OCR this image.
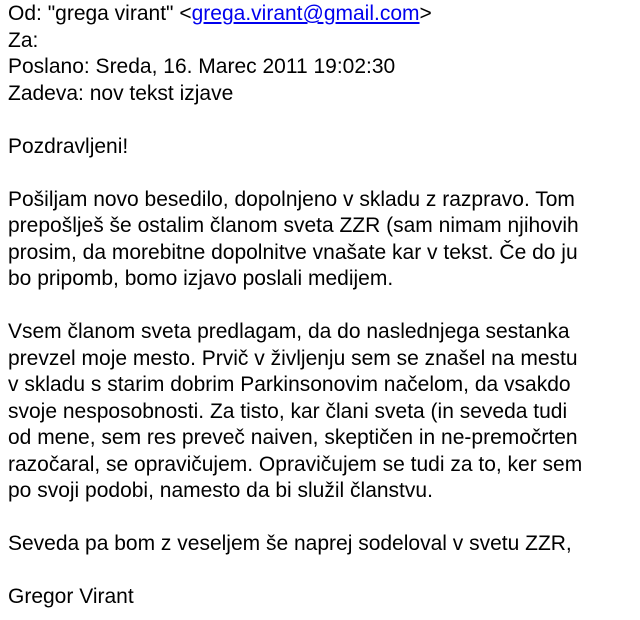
Od: "grega virant" <grega.virant@gmail.com>
Za:
Poslano: Sreda, 16. Marec 2011 19:02:30
Zadeva: nov tekst izjave
Pozdravljeni!
Pošiljam novo besedilo, dopolnjeno v skladu z razpravo. Tom
prepošlješ še ostalim članom sveta ZZR (sam nimam njihovih
prosim, da morebitne dopolnitve vnašate kar v tekst. Če do ju
bo pripomb, bomo izjavo poslali medijem.
Vsem članom sveta predlagam, da do naslednjega sestanka
prevzel moje mesto. Prvič v življenju sem se znašel na mestu
v skladu s starim dobrim Parkinsonovim načelom, da vsakdo
svoje nesposobnosti. Za tisto, kar člani sveta (in seveda tudi
od mene, sem res preveč naiven, skeptičen in ne-premočrten
razočaral, se opravičujem. Opravičujem se tudi za to, ker sem
po svoji podobi, namesto da bi služil članstvu.
Seveda pa bom z veseljem še naprej sodeloval v svetu ZZR,
Gregor Virant
